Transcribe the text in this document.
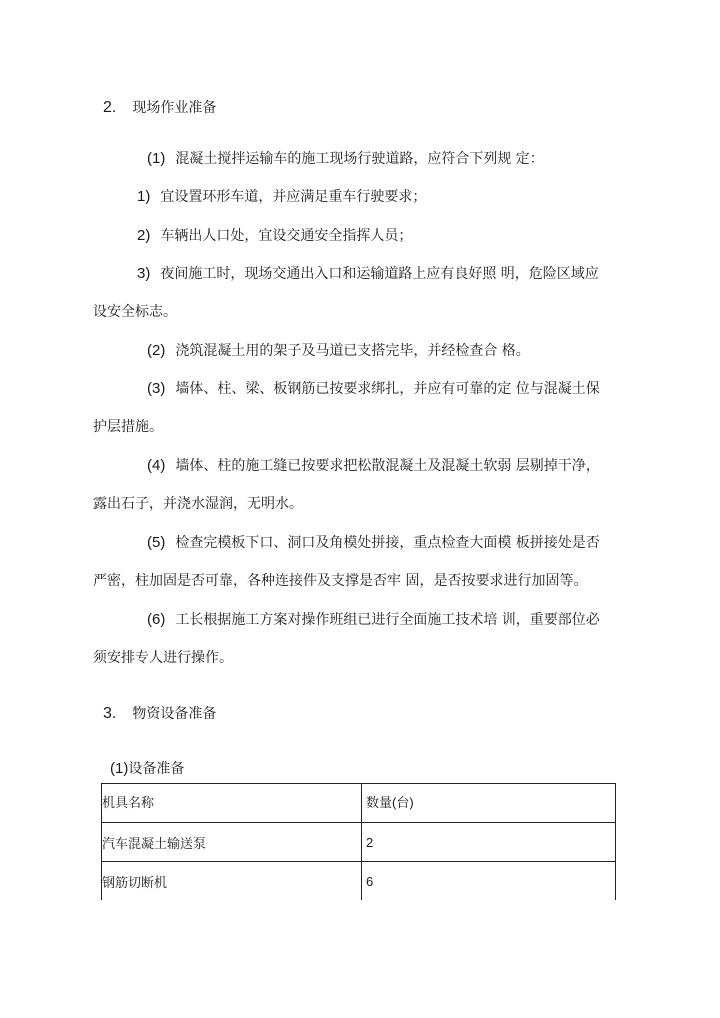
2. 现场作业准备
(1) 混凝土搅拌运输车的施工现场行驶道路，应符合下列规 定：
1) 宜设置环形车道，并应满足重车行驶要求；
2) 车辆出人口处，宜设交通安全指挥人员；
3) 夜间施工时，现场交通出入口和运输道路上应有良好照 明，危险区域应
设安全标志。
(2) 浇筑混凝土用的架子及马道已支搭完毕，并经检查合 格。
(3) 墙体、柱、梁、板钢筋已按要求绑扎，并应有可靠的定 位与混凝土保
护层措施。
(4) 墙体、柱的施工缝已按要求把松散混凝土及混凝土软弱 层剔掉干净，
露出石子，并浇水湿润，无明水。
(5) 检查完模板下口、洞口及角模处拼接，重点检查大面模 板拼接处是否
严密，柱加固是否可靠，各种连接件及支撑是否牢 固，是否按要求进行加固等。
(6) 工长根据施工方案对操作班组已进行全面施工技术培 训，重要部位必
须安排专人进行操作。
3. 物资设备准备
(1)设备准备
机具名称	数量(台)
汽车混凝土输送泵	2
钢筋切断机	6
